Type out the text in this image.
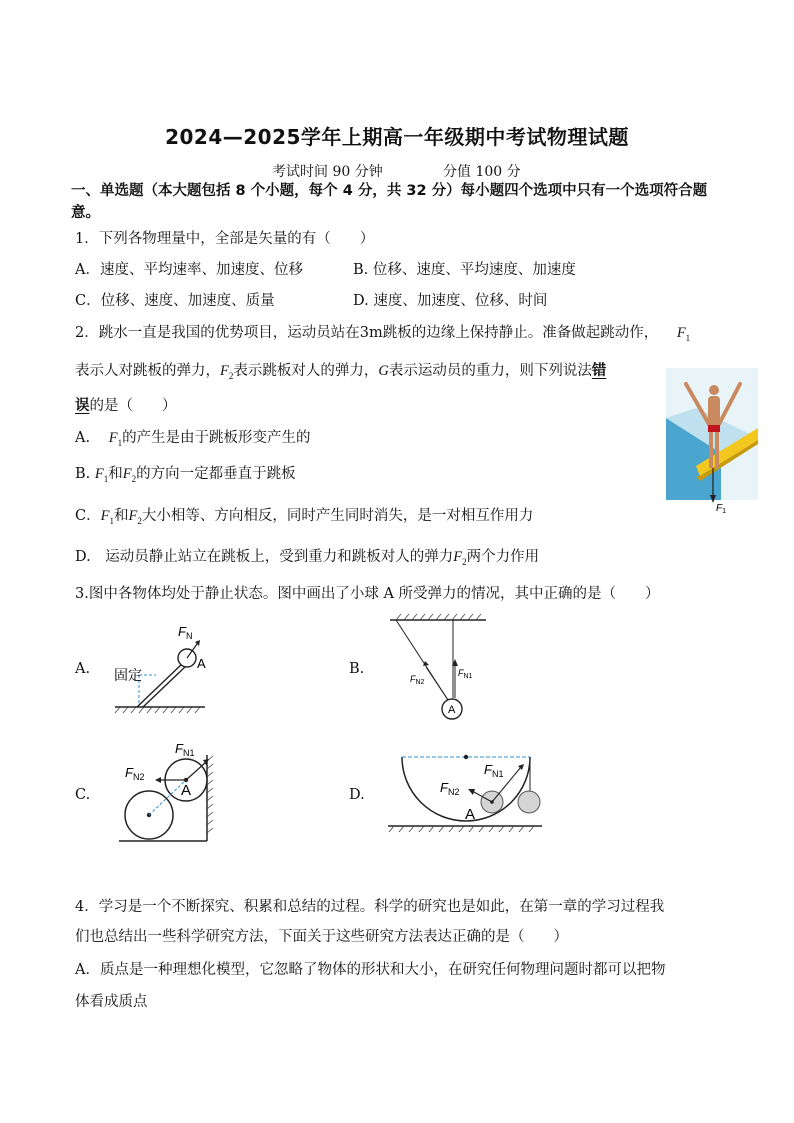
2024—2025学年上期高一年级期中考试物理试题
考试时间 90 分钟	分值 100 分
一、单选题（本大题包括 8 个小题，每个 4 分，共 32 分）每小题四个选项中只有一个选项符合题意。
1．下列各物理量中，全部是矢量的有（　　）
A．速度、平均速率、加速度、位移	B. 位移、速度、平均速度、加速度
C．位移、速度、加速度、质量	D. 速度、加速度、位移、时间
2．跳水一直是我国的优势项目，运动员站在3m跳板的边缘上保持静止。准备做起跳动作， $F_1$
表示人对跳板的弹力，$F_2$表示跳板对人的弹力，G表示运动员的重力，则下列说法错
误的是（　　）
A. $F_1$的产生是由于跳板形变产生的
B. $F_1$和$F_2$的方向一定都垂直于跳板
C．$F_1$和$F_2$大小相等、方向相反，同时产生同时消失，是一对相互作用力
D.　运动员静止站立在跳板上，受到重力和跳板对人的弹力$F_2$两个力作用
$F_1$
3.图中各物体均处于静止状态。图中画出了小球 A 所受弹力的情况，其中正确的是（　　）
A.
$F_N$
A
固定	B.
A
$F_{N1}$
$F_{N2}$
C.
$F_{N1}$
$F_{N2}$
A	D.
$F_{N1}$
$F_{N2}$
A
4．学习是一个不断探究、积累和总结的过程。科学的研究也是如此，在第一章的学习过程我
们也总结出一些科学研究方法，下面关于这些研究方法表达正确的是（　　）
A．质点是一种理想化模型，它忽略了物体的形状和大小，在研究任何物理问题时都可以把物
体看成质点
